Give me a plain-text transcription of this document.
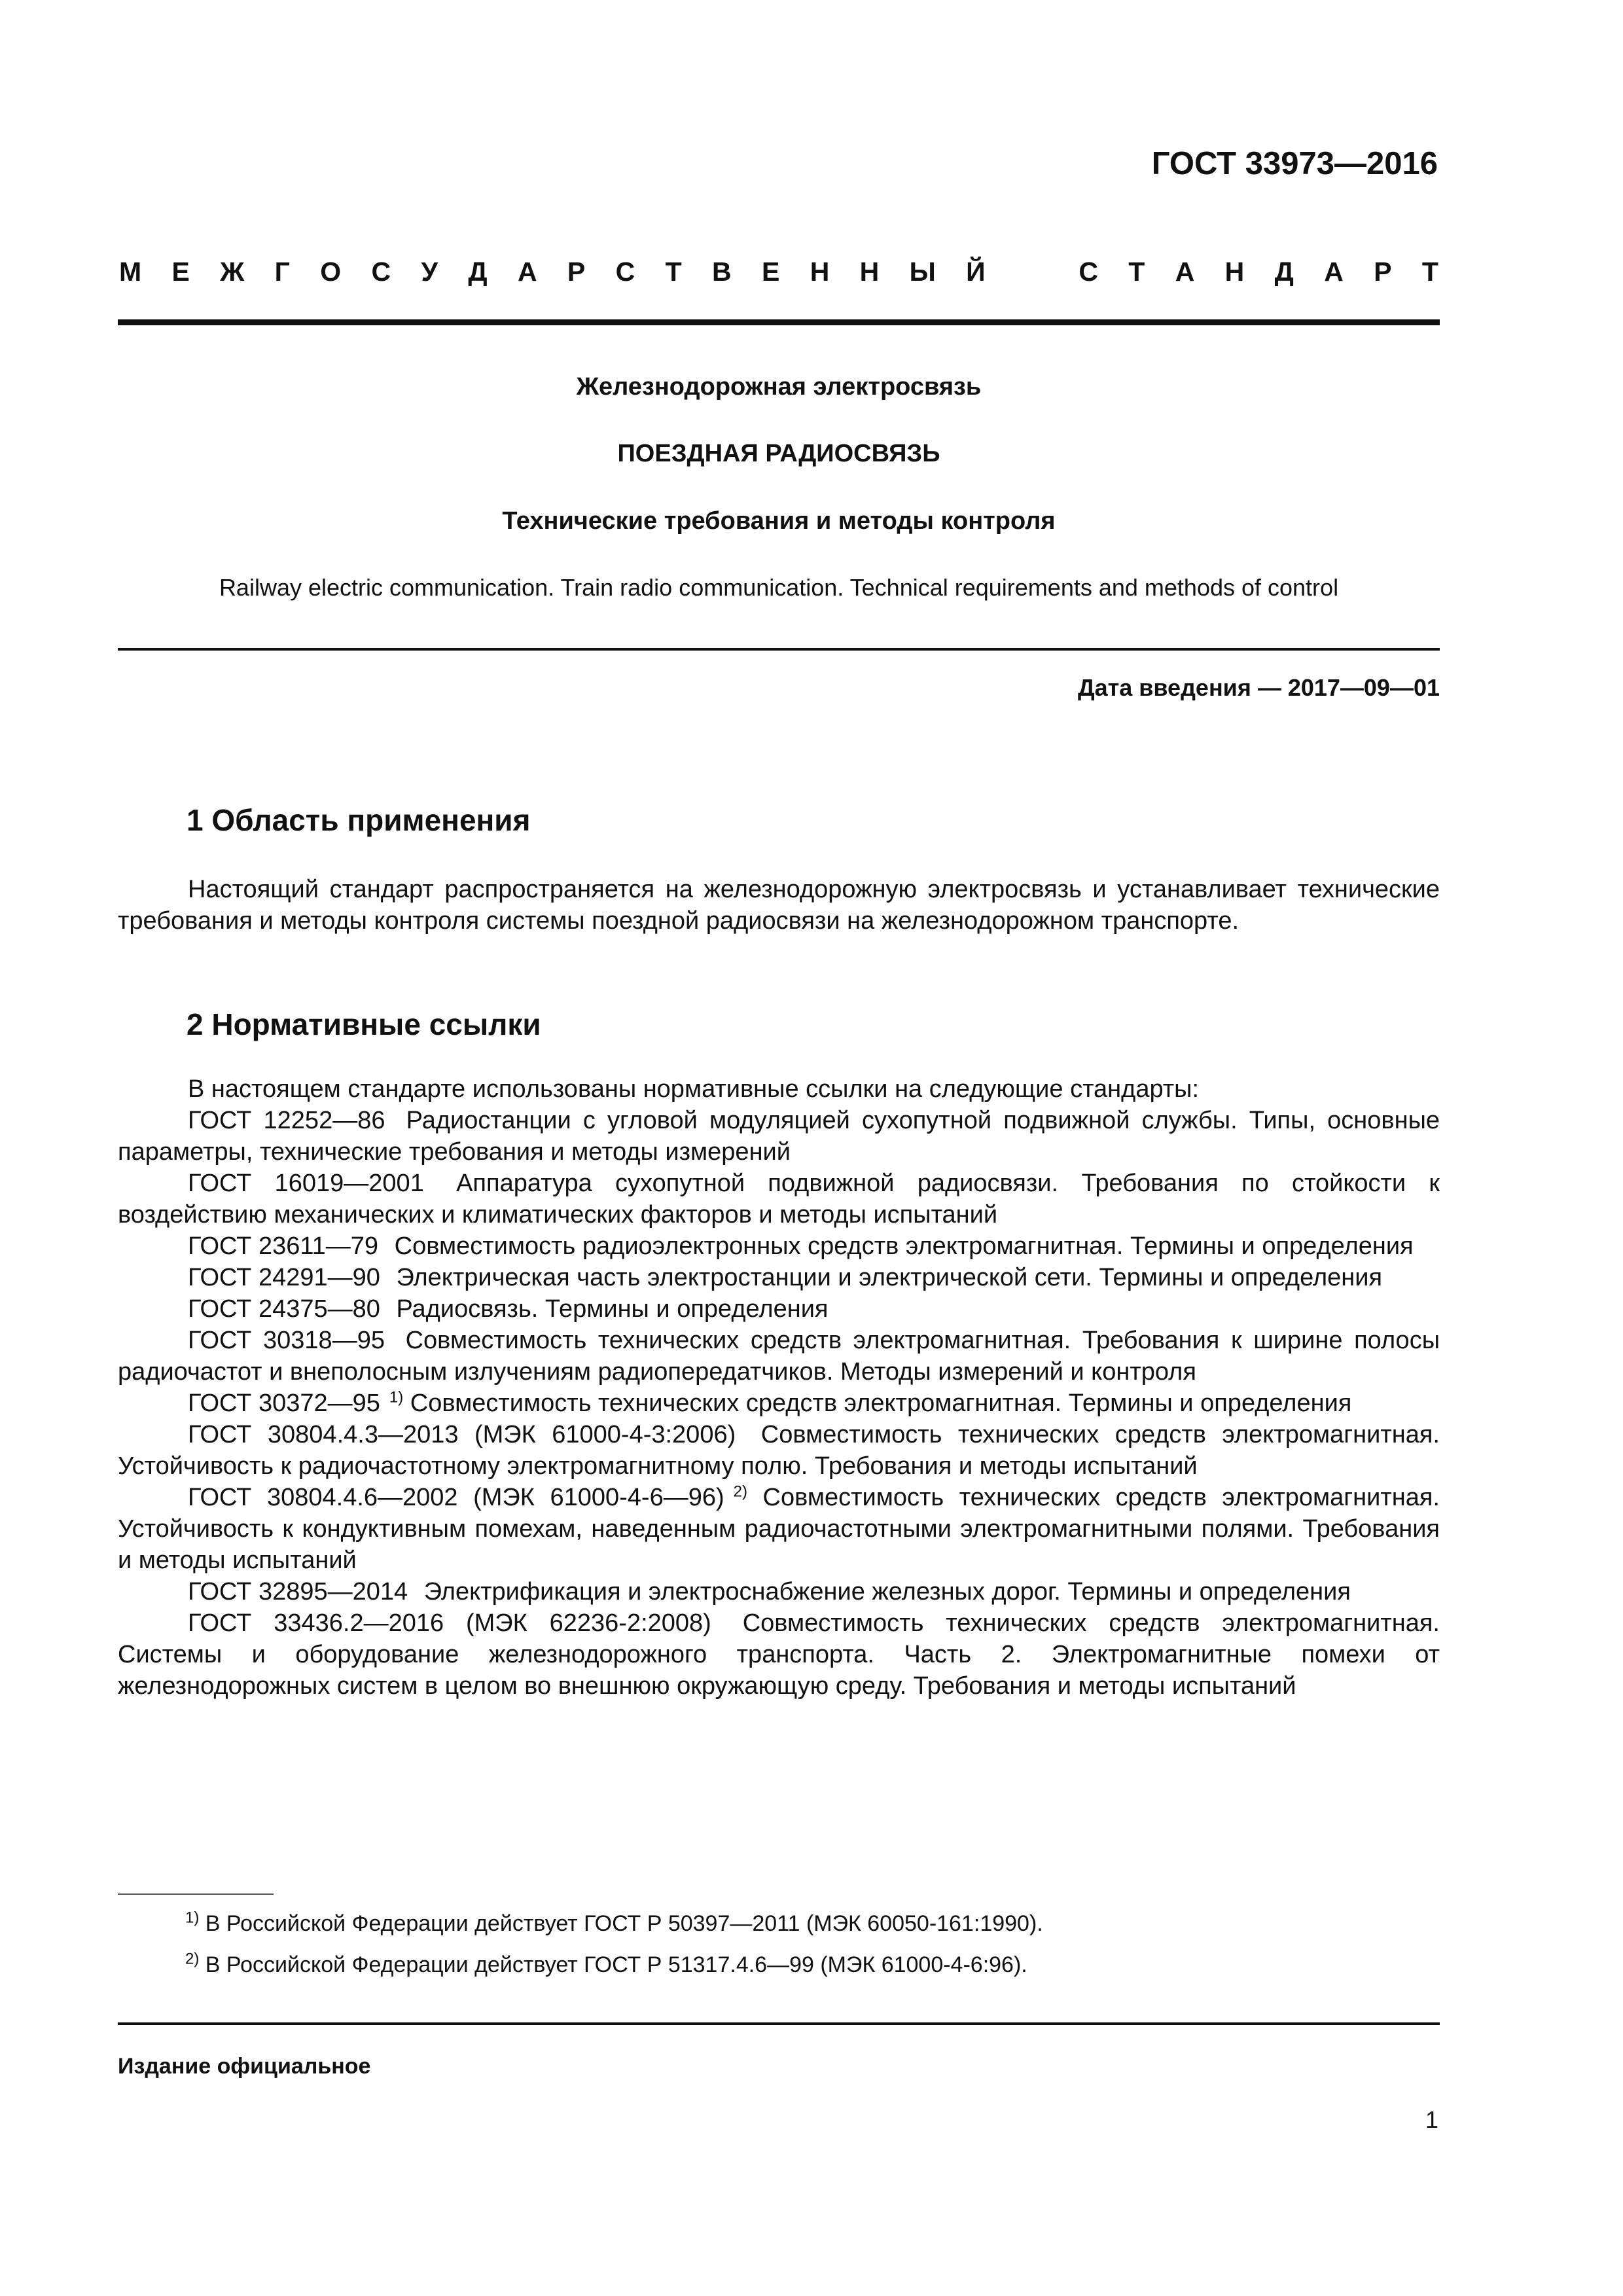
ГОСТ 33973—2016

М Е Ж Г О С У Д А Р С Т В Е Н Н Ы Й	С Т А Н Д А Р Т

Железнодорожная электросвязь

ПОЕЗДНАЯ РАДИОСВЯЗЬ

Технические требования и методы контроля

Railway electric communication. Train radio communication. Technical requirements and methods of control

Дата введения — 2017—09—01

1 Область применения

Настоящий стандарт распространяется на железнодорожную электросвязь и устанавливает технические требования и методы контроля системы поездной радиосвязи на железнодорожном транспорте.

2 Нормативные ссылки
В настоящем стандарте использованы нормативные ссылки на следующие стандарты:
ГОСТ 12252—86 Радиостанции с угловой модуляцией сухопутной подвижной службы. Типы, основные параметры, технические требования и методы измерений
ГОСТ 16019—2001 Аппаратура сухопутной подвижной радиосвязи. Требования по стойкости к воздействию механических и климатических факторов и методы испытаний
ГОСТ 23611—79 Совместимость радиоэлектронных средств электромагнитная. Термины и определения
ГОСТ 24291—90 Электрическая часть электростанции и электрической сети. Термины и определения
ГОСТ 24375—80 Радиосвязь. Термины и определения
ГОСТ 30318—95 Совместимость технических средств электромагнитная. Требования к ширине полосы радиочастот и внеполосным излучениям радиопередатчиков. Методы измерений и контроля
ГОСТ 30372—95 $^{1)}$ Совместимость технических средств электромагнитная. Термины и определения
ГОСТ 30804.4.3—2013 (МЭК 61000-4-3:2006) Совместимость технических средств электромагнитная. Устойчивость к радиочастотному электромагнитному полю. Требования и методы испытаний
ГОСТ 30804.4.6—2002 (МЭК 61000-4-6—96) $^{2)}$ Совместимость технических средств электромагнитная. Устойчивость к кондуктивным помехам, наведенным радиочастотными электромагнитными полями. Требования и методы испытаний
ГОСТ 32895—2014 Электрификация и электроснабжение железных дорог. Термины и определения
ГОСТ 33436.2—2016 (МЭК 62236-2:2008) Совместимость технических средств электромагнитная. Системы и оборудование железнодорожного транспорта. Часть 2. Электромагнитные помехи от железнодорожных систем в целом во внешнюю окружающую среду. Требования и методы испытаний

$^{1)}$ В Российской Федерации действует ГОСТ Р 50397—2011 (МЭК 60050-161:1990).

$^{2)}$ В Российской Федерации действует ГОСТ Р 51317.4.6—99 (МЭК 61000-4-6:96).

Издание официальное

1
